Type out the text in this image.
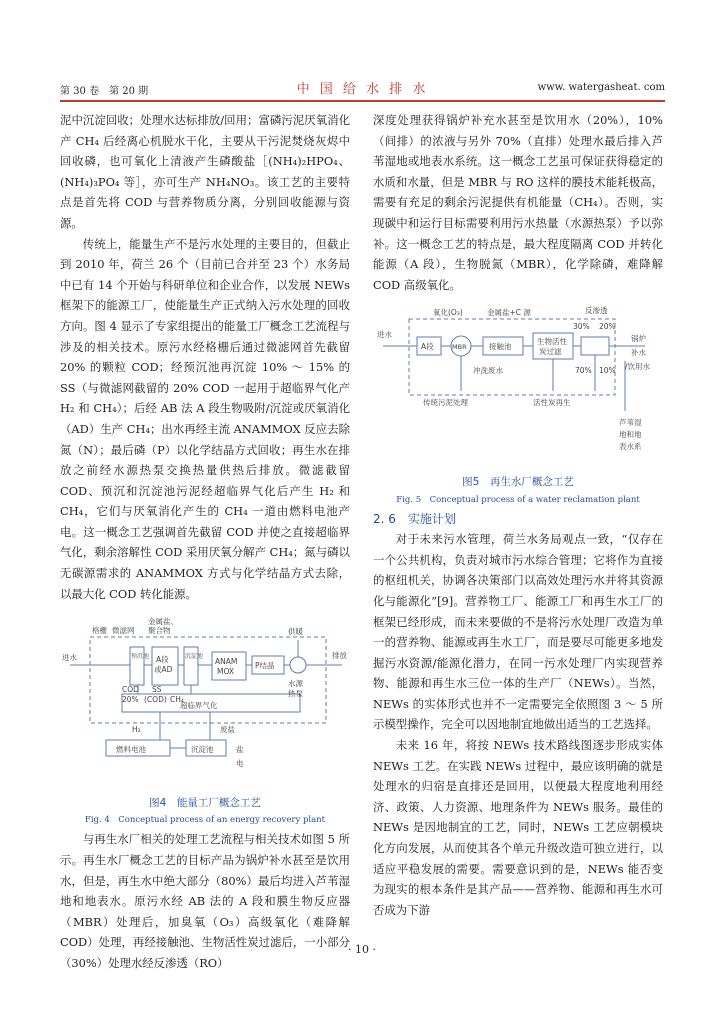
第 30 卷　第 20 期	中 国 给 水 排 水	www. watergasheat. com

泥中沉淀回收；处理水达标排放/回用；富磷污泥厌氧消化产 CH₄ 后经离心机脱水干化，主要从干污泥焚烧灰烬中回收磷，也可氧化上清液产生磷酸盐［(NH₄)₂HPO₄、(NH₄)₃PO₄ 等］，亦可生产 NH₄NO₃。该工艺的主要特点是首先将 COD 与营养物质分离，分别回收能源与资源。

传统上，能量生产不是污水处理的主要目的，但截止到 2010 年，荷兰 26 个（目前已合并至 23 个）水务局中已有 14 个开始与科研单位和企业合作，以发展 NEWs 框架下的能源工厂，使能量生产正式纳入污水处理的回收方向。图 4 显示了专家组提出的能量工厂概念工艺流程与涉及的相关技术。原污水经格栅后通过微滤网首先截留 20% 的颗粒 COD；经预沉池再沉淀 10% ～ 15% 的 SS（与微滤网截留的 20% COD 一起用于超临界气化产 H₂ 和 CH₄）；后经 AB 法 A 段生物吸附/沉淀或厌氧消化（AD）生产 CH₄；出水再经主流 ANAMMOX 反应去除氮（N）；最后磷（P）以化学结晶方式回收；再生水在排放之前经水源热泵交换热量供热后排放。微滤截留 COD、预沉和沉淀池污泥经超临界气化后产生 H₂ 和 CH₄，它们与厌氧消化产生的 CH₄ 一道由燃料电池产电。这一概念工艺强调首先截留 COD 并使之直接超临界气化，剩余溶解性 COD 采用厌氧分解产 CH₄；氮与磷以无碳源需求的 ANAMMOX 方式与化学结晶方式去除，以最大化 COD 转化能源。

金属盐、
聚合物
格栅 微滤网
进水	预沉池 A段
或AD
沉淀池
ANAM
MOX
P结晶
排放
供暖
水源
热泵
COD
20%
SS
(COD) CH₄
超临界气化
H₂
燃料电池
废盐
沉淀池	盐
电
图4　能量工厂概念工艺
Fig. 4　Conceptual process of an energy recovery plant

与再生水厂相关的处理工艺流程与相关技术如图 5 所示。再生水厂概念工艺的目标产品为锅炉补水甚至是饮用水，但是，再生水中绝大部分（80%）最后均进入芦苇湿地和地表水。原污水经 AB 法的 A 段和膜生物反应器（MBR）处理后，加臭氧（O₃）高级氧化（难降解 COD）处理，再经接触池、生物活性炭过滤后，一小部分（30%）处理水经反渗透（RO）

深度处理获得锅炉补充水甚至是饮用水（20%），10%（间排）的浓液与另外 70%（直排）处理水最后排入芦苇湿地或地表水系统。这一概念工艺虽可保证获得稳定的水质和水量，但是 MBR 与 RO 这样的膜技术能耗极高，需要有充足的剩余污泥提供有机能量（CH₄）。否则，实现碳中和运行目标需要利用污水热量（水源热泵）予以弥补。这一概念工艺的特点是，最大程度隔离 COD 并转化能源（A 段），生物脱氮（MBR），化学除磷，难降解 COD 高级氧化。

氧化(O₃)	金属盐+C 源	反渗透
30% 20%
进水
A段	MBR	接触池
生物活性
炭过滤
70% 10%
锅炉
补水
/饮用水
冲洗废水
传统污泥处理	活性炭再生
芦苇湿
地和地
表水系
图5　再生水厂概念工艺
Fig. 5　Conceptual process of a water reclamation plant
2. 6　实施计划

对于未来污水管理，荷兰水务局观点一致，“仅存在一个公共机构，负责对城市污水综合管理；它将作为直接的枢纽机关，协调各决策部门以高效处理污水并将其资源化与能源化”[9]。营养物工厂、能源工厂和再生水工厂的框架已经形成，而未来要做的不是将污水处理厂改造为单一的营养物、能源或再生水工厂，而是要尽可能更多地发掘污水资源/能源化潜力，在同一污水处理厂内实现营养物、能源和再生水三位一体的生产厂（NEWs）。当然，NEWs 的实体形式也并不一定需要完全依照图 3 ～ 5 所示模型操作，完全可以因地制宜地做出适当的工艺选择。

未来 16 年，将按 NEWs 技术路线图逐步形成实体 NEWs 工艺。在实践 NEWs 过程中，最应该明确的就是处理水的归宿是直排还是回用，以便最大程度地利用经济、政策、人力资源、地理条件为 NEWs 服务。最佳的 NEWs 是因地制宜的工艺，同时，NEWs 工艺应朝模块化方向发展，从而使其各个单元升级改造可独立进行，以适应平稳发展的需要。需要意识到的是，NEWs 能否变为现实的根本条件是其产品——营养物、能源和再生水可否成为下游

· 10 ·
